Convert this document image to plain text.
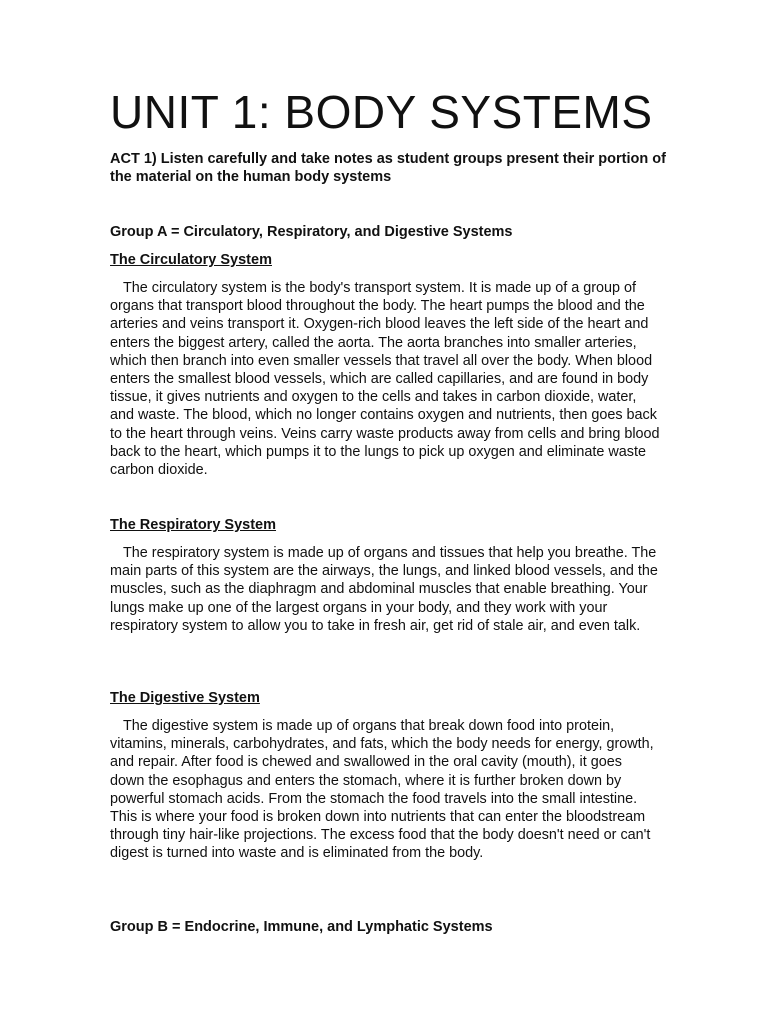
UNIT 1: BODY SYSTEMS

ACT 1) Listen carefully and take notes as student groups present their portion of the material on the human body systems

Group A = Circulatory, Respiratory, and Digestive Systems

The Circulatory System

The circulatory system is the body's transport system. It is made up of a group of organs that transport blood throughout the body. The heart pumps the blood and the arteries and veins transport it. Oxygen-rich blood leaves the left side of the heart and enters the biggest artery, called the aorta. The aorta branches into smaller arteries, which then branch into even smaller vessels that travel all over the body. When blood enters the smallest blood vessels, which are called capillaries, and are found in body tissue, it gives nutrients and oxygen to the cells and takes in carbon dioxide, water, and waste. The blood, which no longer contains oxygen and nutrients, then goes back to the heart through veins. Veins carry waste products away from cells and bring blood back to the heart, which pumps it to the lungs to pick up oxygen and eliminate waste carbon dioxide.

The Respiratory System

The respiratory system is made up of organs and tissues that help you breathe. The main parts of this system are the airways, the lungs, and linked blood vessels, and the muscles, such as the diaphragm and abdominal muscles that enable breathing. Your lungs make up one of the largest organs in your body, and they work with your respiratory system to allow you to take in fresh air, get rid of stale air, and even talk.

The Digestive System

The digestive system is made up of organs that break down food into protein, vitamins, minerals, carbohydrates, and fats, which the body needs for energy, growth, and repair. After food is chewed and swallowed in the oral cavity (mouth), it goes down the esophagus and enters the stomach, where it is further broken down by powerful stomach acids. From the stomach the food travels into the small intestine. This is where your food is broken down into nutrients that can enter the bloodstream through tiny hair-like projections. The excess food that the body doesn't need or can't digest is turned into waste and is eliminated from the body.

Group B = Endocrine, Immune, and Lymphatic Systems
